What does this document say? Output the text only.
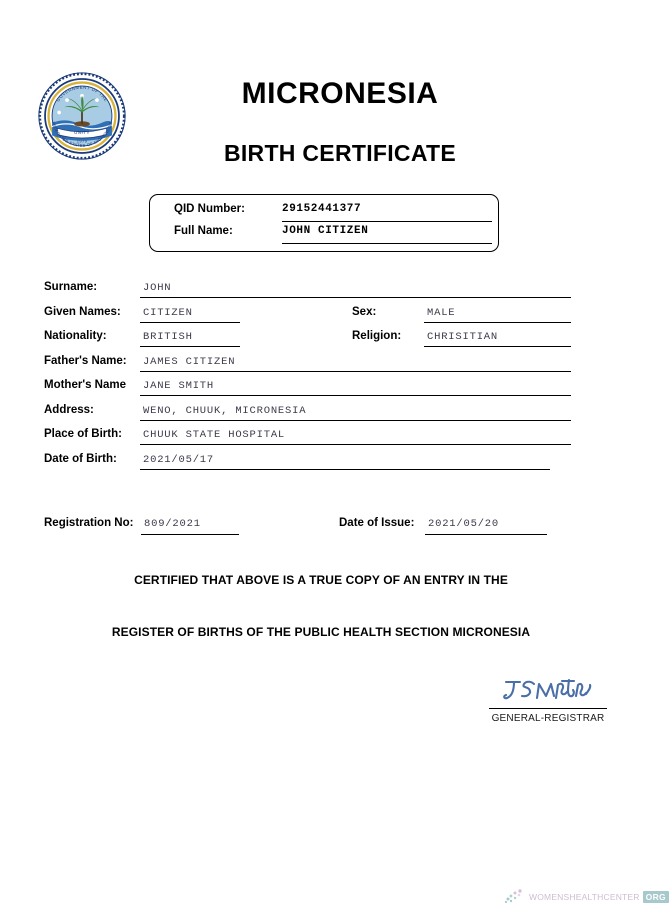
UNITY
1979
GOVERNMENT OF THE
FEDERATED STATES OF MICRONESIA
MICRONESIA
BIRTH CERTIFICATE
QID Number:	29152441377
Full Name:	JOHN CITIZEN
Surname:	JOHN
Given Names: CITIZEN	Sex:	MALE
Nationality:	BRITISH	Religion: CHRISITIAN
Father's Name: JAMES CITIZEN
Mother's Name JANE SMITH
Address:	WENO, CHUUK, MICRONESIA
Place of Birth: CHUUK STATE HOSPITAL
Date of Birth: 2021/05/17
Registration No: 809/2021	Date of Issue: 2021/05/20
CERTIFIED THAT ABOVE IS A TRUE COPY OF AN ENTRY IN THE
REGISTER OF BIRTHS OF THE PUBLIC HEALTH SECTION MICRONESIA
GENERAL-REGISTRAR
WOMENSHEALTHCENTER ORG
